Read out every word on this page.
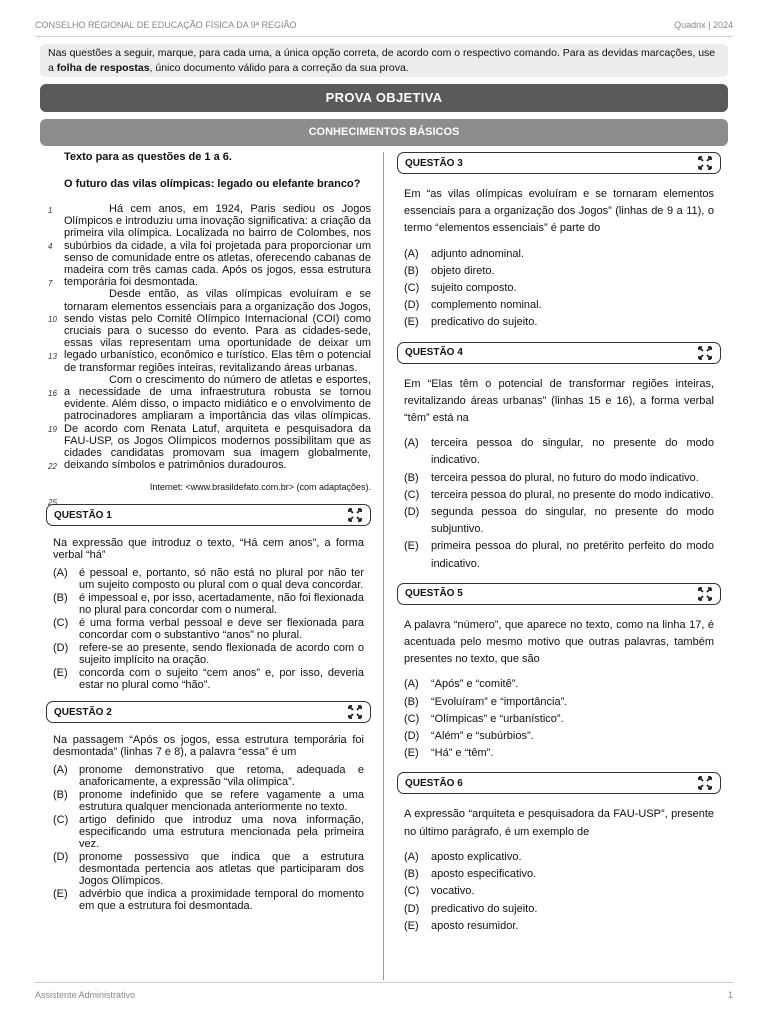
CONSELHO REGIONAL DE EDUCAÇÃO FÍSICA DA 9ª REGIÃO	Quadrix | 2024
Nas questões a seguir, marque, para cada uma, a única opção correta, de acordo com o respectivo comando. Para as devidas marcações, use a folha de respostas, único documento válido para a correção da sua prova.
PROVA OBJETIVA
CONHECIMENTOS BÁSICOS
Texto para as questões de 1 a 6.
O futuro das vilas olímpicas: legado ou elefante branco?
1
4
7
10
13
16
19
22
25

Há cem anos, em 1924, Paris sediou os Jogos Olímpicos e introduziu uma inovação significativa: a criação da primeira vila olímpica. Localizada no bairro de Colombes, nos subúrbios da cidade, a vila foi projetada para proporcionar um senso de comunidade entre os atletas, oferecendo cabanas de madeira com três camas cada. Após os jogos, essa estrutura temporária foi desmontada.

Desde então, as vilas olímpicas evoluíram e se tornaram elementos essenciais para a organização dos Jogos, sendo vistas pelo Comitê Olímpico Internacional (COI) como cruciais para o sucesso do evento. Para as cidades-sede, essas vilas representam uma oportunidade de deixar um legado urbanístico, econômico e turístico. Elas têm o potencial de transformar regiões inteiras, revitalizando áreas urbanas.

Com o crescimento do número de atletas e esportes, a necessidade de uma infraestrutura robusta se tornou evidente. Além disso, o impacto midiático e o envolvimento de patrocinadores ampliaram a importância das vilas olímpicas. De acordo com Renata Latuf, arquiteta e pesquisadora da FAU-USP, os Jogos Olímpicos modernos possibilitam que as cidades candidatas promovam sua imagem globalmente, deixando símbolos e patrimônios duradouros.

Internet: <www.brasildefato.com.br> (com adaptações).
QUESTÃO 1
Na expressão que introduz o texto, “Há cem anos”, a forma verbal “há”
(A)	é pessoal e, portanto, só não está no plural por não ter um sujeito composto ou plural com o qual deva concordar.
(B)	é impessoal e, por isso, acertadamente, não foi flexionada no plural para concordar com o numeral.
(C) é uma forma verbal pessoal e deve ser flexionada para concordar com o substantivo “anos” no plural.
(D) refere-se ao presente, sendo flexionada de acordo com o sujeito implícito na oração.
(E)	concorda com o sujeito “cem anos” e, por isso, deveria estar no plural como “hão”.
QUESTÃO 2
Na passagem “Após os jogos, essa estrutura temporária foi desmontada” (linhas 7 e 8), a palavra “essa” é um
(A)	pronome demonstrativo que retoma, adequada e anaforicamente, a expressão “vila olímpica”.
(B)	pronome indefinido que se refere vagamente a uma estrutura qualquer mencionada anteriormente no texto.
(C) artigo definido que introduz uma nova informação, especificando uma estrutura mencionada pela primeira vez.
(D) pronome possessivo que indica que a estrutura desmontada pertencia aos atletas que participaram dos Jogos Olímpicos.
(E)	advérbio que indica a proximidade temporal do momento em que a estrutura foi desmontada.
QUESTÃO 3
Em “as vilas olímpicas evoluíram e se tornaram elementos essenciais para a organização dos Jogos” (linhas de 9 a 11), o termo “elementos essenciais” é parte do
(A)	adjunto adnominal.
(B)	objeto direto.
(C)	sujeito composto.
(D)	complemento nominal.
(E)	predicativo do sujeito.
QUESTÃO 4
Em “Elas têm o potencial de transformar regiões inteiras, revitalizando áreas urbanas” (linhas 15 e 16), a forma verbal “têm” está na
(A)	terceira pessoa do singular, no presente do modo indicativo.
(B)	terceira pessoa do plural, no futuro do modo indicativo.
(C)	terceira pessoa do plural, no presente do modo indicativo.
(D)	segunda pessoa do singular, no presente do modo subjuntivo.
(E)	primeira pessoa do plural, no pretérito perfeito do modo indicativo.
QUESTÃO 5
A palavra “número”, que aparece no texto, como na linha 17, é acentuada pelo mesmo motivo que outras palavras, também presentes no texto, que são
(A)	“Após” e “comitê”.
(B)	“Evoluíram” e “importância”.
(C)	“Olímpicas” e “urbanístico”.
(D)	“Além” e “subúrbios”.
(E)	“Há” e “têm”.
QUESTÃO 6
A expressão “arquiteta e pesquisadora da FAU-USP”, presente no último parágrafo, é um exemplo de
(A)	aposto explicativo.
(B)	aposto especificativo.
(C)	vocativo.
(D)	predicativo do sujeito.
(E)	aposto resumidor.
Assistente Administrativo	1
